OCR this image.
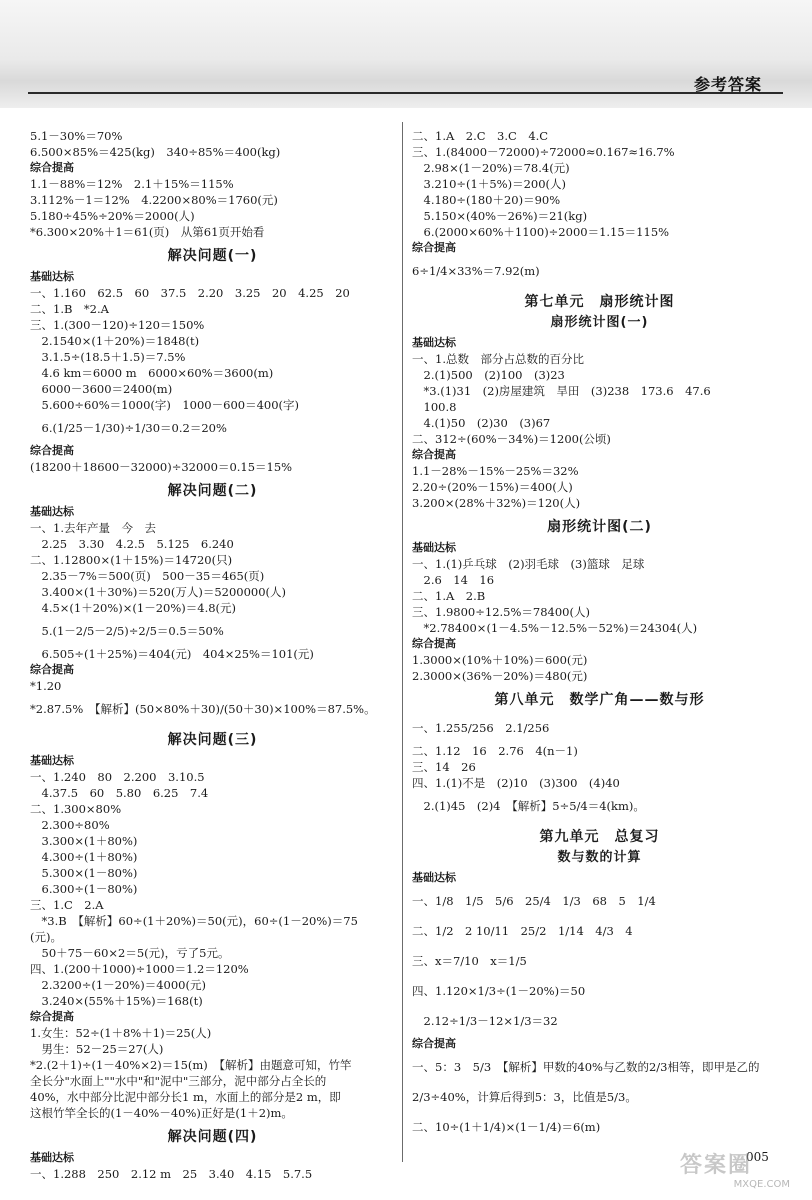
参考答案
5.1－30%＝70%
6.500×85%＝425(kg)　340÷85%＝400(kg)
综合提高
1.1－88%＝12%　2.1＋15%＝115%
3.112%－1＝12%　4.2200×80%＝1760(元)
5.180÷45%÷20%＝2000(人)
*6.300×20%＋1＝61(页)　从第61页开始看
解决问题(一)
基础达标
一、1.160　62.5　60　37.5　2.20　3.25　20　4.25　20
二、1.B　*2.A
三、1.(300－120)÷120＝150%
　2.1540×(1＋20%)＝1848(t)
　3.1.5÷(18.5＋1.5)＝7.5%
　4.6 km＝6000 m　6000×60%＝3600(m)
　6000－3600＝2400(m)
　5.600÷60%＝1000(字)　1000－600＝400(字)
　6.(1/25－1/30)÷1/30＝0.2＝20%
综合提高
(18200＋18600－32000)÷32000＝0.15＝15%
解决问题(二)
基础达标
一、1.去年产量　今　去
　2.25　3.30　4.2.5　5.125　6.240
二、1.12800×(1＋15%)＝14720(只)
　2.35－7%＝500(页)　500－35＝465(页)
　3.400×(1＋30%)＝520(万人)＝5200000(人)
　4.5×(1＋20%)×(1－20%)＝4.8(元)
　5.(1－2/5－2/5)÷2/5＝0.5＝50%
　6.505÷(1＋25%)＝404(元)　404×25%＝101(元)
综合提高
*1.20
*2.87.5%　【解析】(50×80%＋30)/(50＋30)×100%＝87.5%。
解决问题(三)
基础达标
一、1.240　80　2.200　3.10.5
　4.37.5　60　5.80　6.25　7.4
二、1.300×80%
　2.300÷80%
　3.300×(1＋80%)
　4.300÷(1＋80%)
　5.300×(1－80%)
　6.300÷(1－80%)
三、1.C　2.A
　*3.B　【解析】60÷(1＋20%)＝50(元)，60÷(1－20%)＝75
(元)。
　50＋75－60×2＝5(元)，亏了5元。
四、1.(200＋1000)÷1000＝1.2＝120%
　2.3200÷(1－20%)＝4000(元)
　3.240×(55%＋15%)＝168(t)
综合提高
1.女生：52÷(1＋8%＋1)＝25(人)
　男生：52－25＝27(人)
*2.(2＋1)÷(1－40%×2)＝15(m)　【解析】由题意可知，竹竿
全长分"水面上""水中"和"泥中"三部分，泥中部分占全长的
40%，水中部分比泥中部分长1 m，水面上的部分是2 m，即
这根竹竿全长的(1－40%－40%)正好是(1＋2)m。
解决问题(四)
基础达标
一、1.288　250　2.12 m　25　3.40　4.15　5.7.5
二、1.A　2.C　3.C　4.C
三、1.(84000－72000)÷72000≈0.167≈16.7%
　2.98×(1－20%)＝78.4(元)
　3.210÷(1＋5%)＝200(人)
　4.180÷(180＋20)＝90%
　5.150×(40%－26%)＝21(kg)
　6.(2000×60%＋1100)÷2000＝1.15＝115%
综合提高
6÷1/4×33%＝7.92(m)
第七单元　扇形统计图
扇形统计图(一)
基础达标
一、1.总数　部分占总数的百分比
　2.(1)500　(2)100　(3)23
　*3.(1)31　(2)房屋建筑　旱田　(3)238　173.6　47.6
　100.8
　4.(1)50　(2)30　(3)67
二、312÷(60%－34%)＝1200(公顷)
综合提高
1.1－28%－15%－25%＝32%
2.20÷(20%－15%)＝400(人)
3.200×(28%＋32%)＝120(人)
扇形统计图(二)
基础达标
一、1.(1)乒乓球　(2)羽毛球　(3)篮球　足球
　2.6　14　16
二、1.A　2.B
三、1.9800÷12.5%＝78400(人)
　*2.78400×(1－4.5%－12.5%－52%)＝24304(人)
综合提高
1.3000×(10%＋10%)＝600(元)
2.3000×(36%－20%)＝480(元)
第八单元　数学广角——数与形
一、1.255/256　2.1/256
二、1.12　16　2.76　4(n－1)
三、14　26
四、1.(1)不是　(2)10　(3)300　(4)40
　2.(1)45　(2)4　【解析】5÷5/4＝4(km)。
第九单元　总复习
数与数的计算
基础达标
一、1/8　1/5　5/6　25/4　1/3　68　5　1/4
二、1/2　2 10/11　25/2　1/14　4/3　4
三、x＝7/10　x＝1/5
四、1.120×1/3÷(1－20%)＝50
　2.12÷1/3－12×1/3＝32
综合提高
一、5：3　5/3　【解析】甲数的40%与乙数的2/3相等，即甲是乙的
2/3÷40%，计算后得到5：3，比值是5/3。
二、10÷(1＋1/4)×(1－1/4)＝6(m)
005
答案圈
MXQE.COM
